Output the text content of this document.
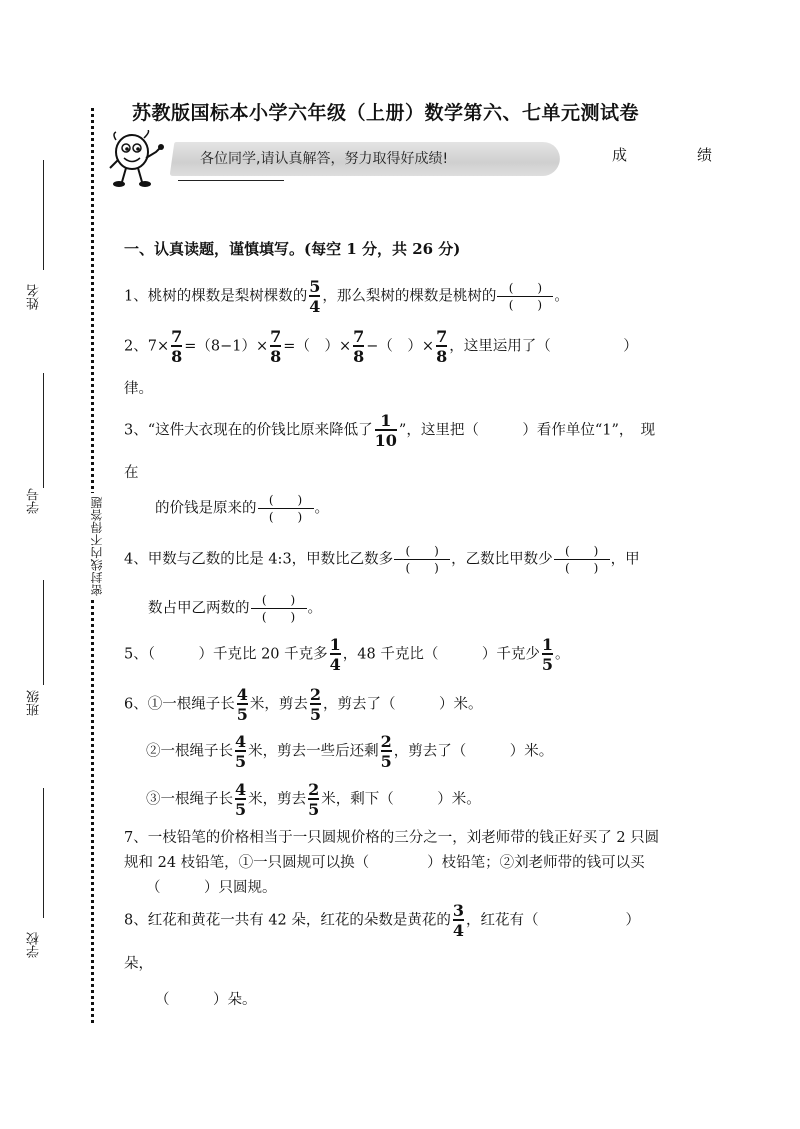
姓名
学号
班级
学校
密封线内不得答题
苏教版国标本小学六年级（上册）数学第六、七单元测试卷
各位同学,请认真解答，努力取得好成绩!	成	绩
一、认真读题，谨慎填写。(每空 1 分，共 26 分)
1、桃树的棵数是梨树棵数的 $\frac{5}{4}$ ，那么梨树的棵数是桃树的
(　　)
(　　)
。
2、$7\times \frac{7}{8} =(8-1)\times \frac{7}{8}$ =（　）× $\frac{7}{8}$ −（　）× $\frac{7}{8}$ ，这里运用了（　　　　　）
律。
3、“这件大衣现在的价钱比原来降低了 $\frac{1}{10}$ ”，这里把（　　　）看作单位“1”，　现
在
的价钱是原来的
(　　)
(　　)
。
4、甲数与乙数的比是 4:3，甲数比乙数多
(　　)
(　　)
，乙数比甲数少
(　　)
(　　)
，甲
数占甲乙两数的
(　　)
(　　)
。
5、（　　　）千克比 20 千克多 $\frac{1}{4}$ ，48 千克比（　　　）千克少 $\frac{1}{5}$ 。
6、①一根绳子长 $\frac{4}{5}$ 米，剪去 $\frac{2}{5}$ ，剪去了（　　　）米。
②一根绳子长 $\frac{4}{5}$ 米，剪去一些后还剩 $\frac{2}{5}$ ，剪去了（　　　）米。
③一根绳子长 $\frac{4}{5}$ 米，剪去 $\frac{2}{5}$ 米，剩下（　　　）米。
7、一枝铅笔的价格相当于一只圆规价格的三分之一，刘老师带的钱正好买了 2 只圆
规和 24 枝铅笔，①一只圆规可以换（　　　　）枝铅笔；②刘老师带的钱可以买
（　　　）只圆规。
8、红花和黄花一共有 42 朵，红花的朵数是黄花的 $\frac{3}{4}$ ，红花有（　　　　　　）
朵，
（　　　）朵。
